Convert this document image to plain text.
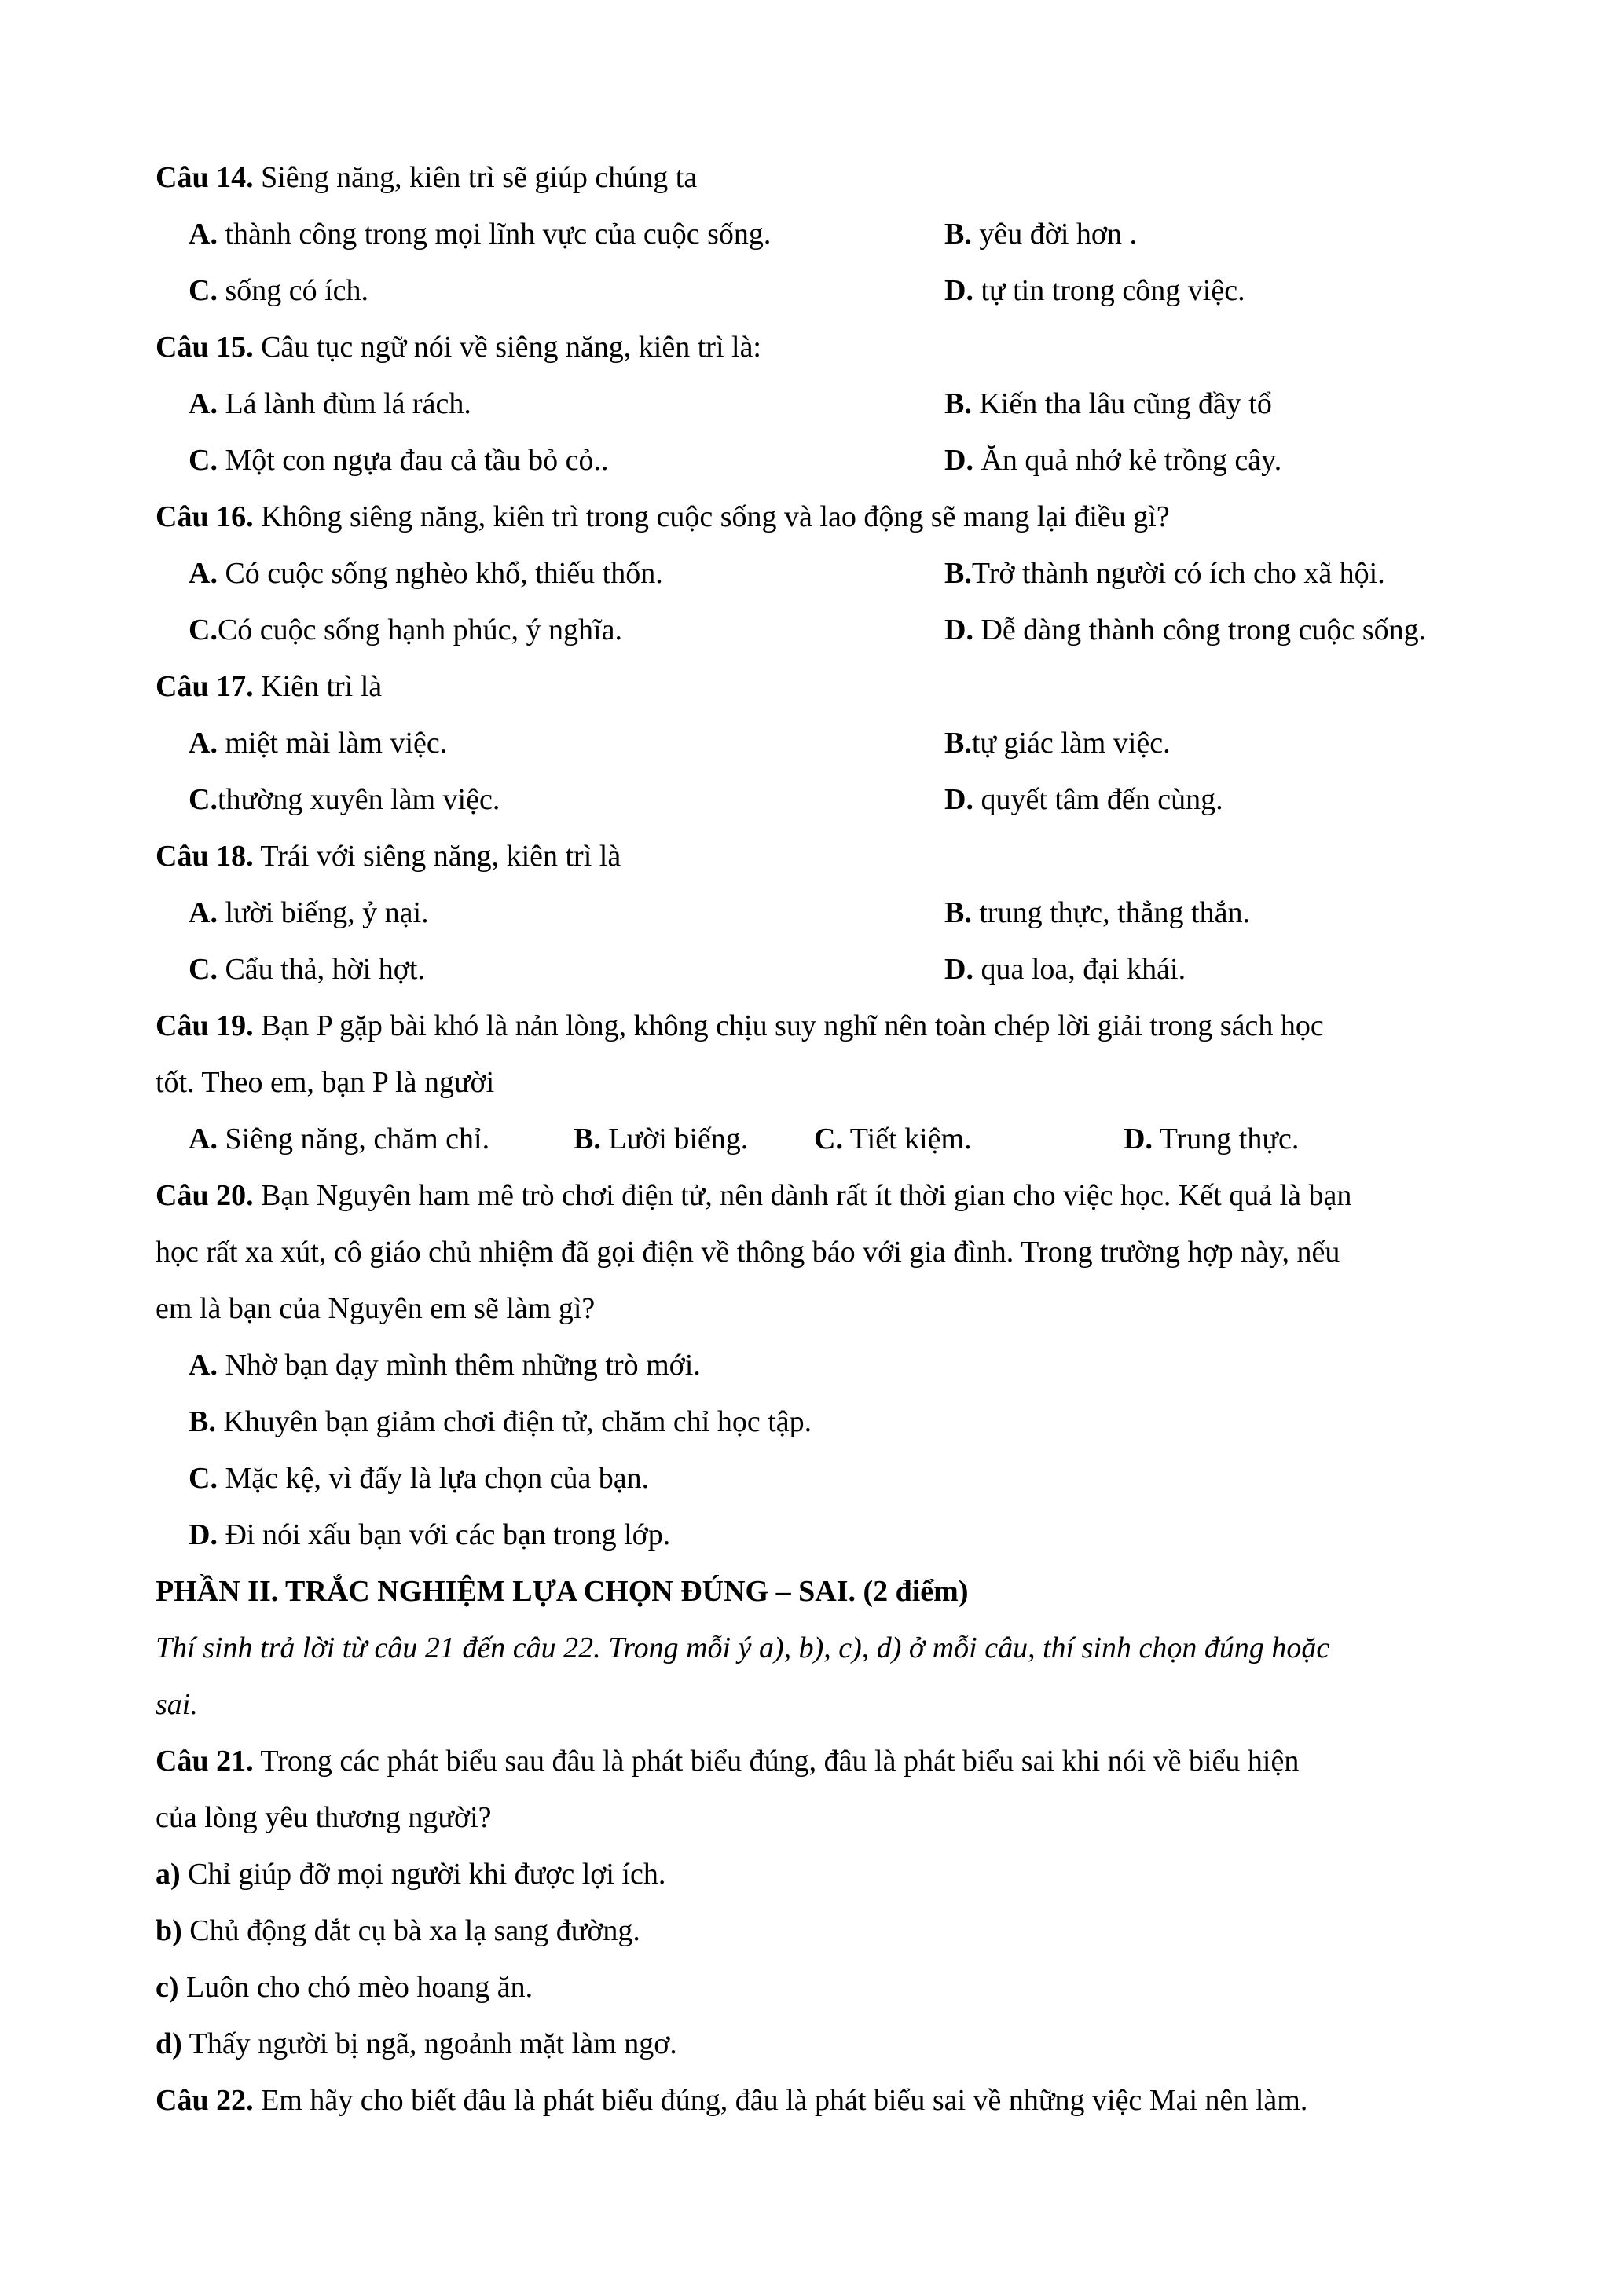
Câu 14. Siêng năng, kiên trì sẽ giúp chúng ta
A. thành công trong mọi lĩnh vực của cuộc sống.	B. yêu đời hơn .
C. sống có ích.	D. tự tin trong công việc.
Câu 15. Câu tục ngữ nói về siêng năng, kiên trì là:
A. Lá lành đùm lá rách.	B. Kiến tha lâu cũng đầy tổ
C. Một con ngựa đau cả tầu bỏ cỏ..	D. Ăn quả nhớ kẻ trồng cây.
Câu 16. Không siêng năng, kiên trì trong cuộc sống và lao động sẽ mang lại điều gì?
A. Có cuộc sống nghèo khổ, thiếu thốn.	B.Trở thành người có ích cho xã hội.
C.Có cuộc sống hạnh phúc, ý nghĩa.	D. Dễ dàng thành công trong cuộc sống.
Câu 17. Kiên trì là
A. miệt mài làm việc.	B.tự giác làm việc.
C.thường xuyên làm việc.	D. quyết tâm đến cùng.
Câu 18. Trái với siêng năng, kiên trì là
A. lười biếng, ỷ nại.	B. trung thực, thẳng thắn.
C. Cẩu thả, hời hợt.	D. qua loa, đại khái.
Câu 19. Bạn P gặp bài khó là nản lòng, không chịu suy nghĩ nên toàn chép lời giải trong sách học
tốt. Theo em, bạn P là người
A. Siêng năng, chăm chỉ.	B. Lười biếng. C. Tiết kiệm.	D. Trung thực.
Câu 20. Bạn Nguyên ham mê trò chơi điện tử, nên dành rất ít thời gian cho việc học. Kết quả là bạn
học rất xa xút, cô giáo chủ nhiệm đã gọi điện về thông báo với gia đình. Trong trường hợp này, nếu
em là bạn của Nguyên em sẽ làm gì?
A. Nhờ bạn dạy mình thêm những trò mới.
B. Khuyên bạn giảm chơi điện tử, chăm chỉ học tập.
C. Mặc kệ, vì đấy là lựa chọn của bạn.
D. Đi nói xấu bạn với các bạn trong lớp.
PHẦN II. TRẮC NGHIỆM LỰA CHỌN ĐÚNG – SAI. (2 điểm)
Thí sinh trả lời từ câu 21 đến câu 22. Trong mỗi ý a), b), c), d) ở mỗi câu, thí sinh chọn đúng hoặc
sai.
Câu 21. Trong các phát biểu sau đâu là phát biểu đúng, đâu là phát biểu sai khi nói về biểu hiện
của lòng yêu thương người?
a) Chỉ giúp đỡ mọi người khi được lợi ích.
b) Chủ động dắt cụ bà xa lạ sang đường.
c) Luôn cho chó mèo hoang ăn.
d) Thấy người bị ngã, ngoảnh mặt làm ngơ.
Câu 22. Em hãy cho biết đâu là phát biểu đúng, đâu là phát biểu sai về những việc Mai nên làm.
